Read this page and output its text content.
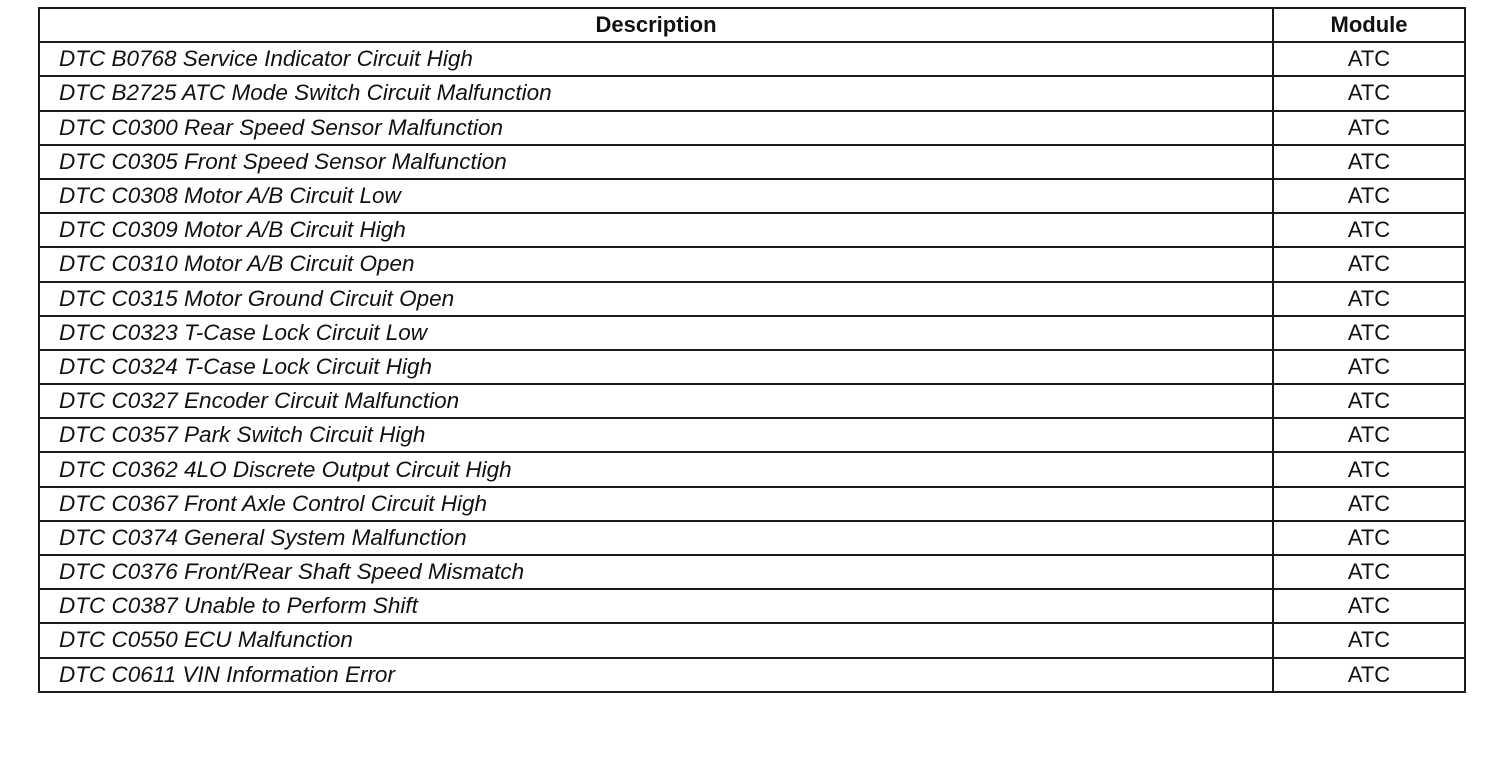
Description	Module
DTC B0768 Service Indicator Circuit High	ATC
DTC B2725 ATC Mode Switch Circuit Malfunction	ATC
DTC C0300 Rear Speed Sensor Malfunction	ATC
DTC C0305 Front Speed Sensor Malfunction	ATC
DTC C0308 Motor A/B Circuit Low	ATC
DTC C0309 Motor A/B Circuit High	ATC
DTC C0310 Motor A/B Circuit Open	ATC
DTC C0315 Motor Ground Circuit Open	ATC
DTC C0323 T-Case Lock Circuit Low	ATC
DTC C0324 T-Case Lock Circuit High	ATC
DTC C0327 Encoder Circuit Malfunction	ATC
DTC C0357 Park Switch Circuit High	ATC
DTC C0362 4LO Discrete Output Circuit High	ATC
DTC C0367 Front Axle Control Circuit High	ATC
DTC C0374 General System Malfunction	ATC
DTC C0376 Front/Rear Shaft Speed Mismatch	ATC
DTC C0387 Unable to Perform Shift	ATC
DTC C0550 ECU Malfunction	ATC
DTC C0611 VIN Information Error	ATC
